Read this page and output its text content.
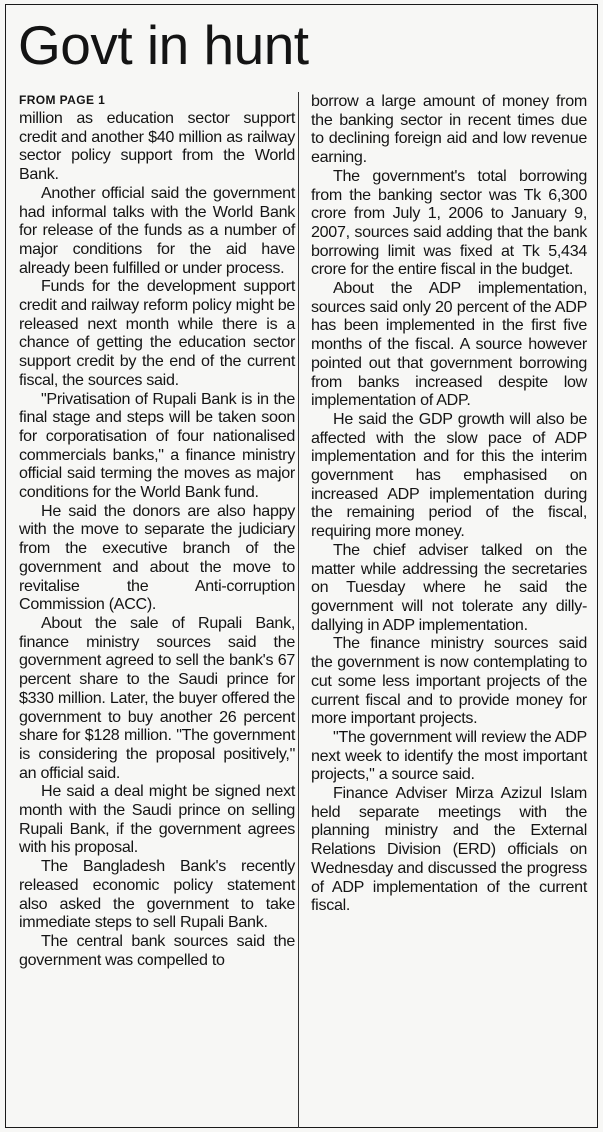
Govt in hunt
FROM PAGE 1

million as education sector support credit and another $40 million as railway sector policy support from the World Bank.

Another official said the government had informal talks with the World Bank for release of the funds as a number of major conditions for the aid have already been fulfilled or under process.

Funds for the development support credit and railway reform policy might be released next month while there is a chance of getting the education sector support credit by the end of the current fiscal, the sources said.

"Privatisation of Rupali Bank is in the final stage and steps will be taken soon for corporatisation of four nationalised commercials banks," a finance ministry official said terming the moves as major conditions for the World Bank fund.

He said the donors are also happy with the move to separate the judiciary from the executive branch of the government and about the move to revitalise the Anti-corruption Commission (ACC).

About the sale of Rupali Bank, finance ministry sources said the government agreed to sell the bank's 67 percent share to the Saudi prince for $330 million. Later, the buyer offered the government to buy another 26 percent share for $128 million. "The government is considering the proposal positively," an official said.

He said a deal might be signed next month with the Saudi prince on selling Rupali Bank, if the government agrees with his proposal.

The Bangladesh Bank's recently released economic policy statement also asked the government to take immediate steps to sell Rupali Bank.

The central bank sources said the government was compelled to

borrow a large amount of money from the banking sector in recent times due to declining foreign aid and low revenue earning.

The government's total borrowing from the banking sector was Tk 6,300 crore from July 1, 2006 to January 9, 2007, sources said adding that the bank borrowing limit was fixed at Tk 5,434 crore for the entire fiscal in the budget.

About the ADP implementation, sources said only 20 percent of the ADP has been implemented in the first five months of the fiscal. A source however pointed out that government borrowing from banks increased despite low implementation of ADP.

He said the GDP growth will also be affected with the slow pace of ADP implementation and for this the interim government has emphasised on increased ADP implementation during the remaining period of the fiscal, requiring more money.

The chief adviser talked on the matter while addressing the secretaries on Tuesday where he said the government will not tolerate any dilly-dallying in ADP implementation.

The finance ministry sources said the government is now contemplating to cut some less important projects of the current fiscal and to provide money for more important projects.

"The government will review the ADP next week to identify the most important projects," a source said.

Finance Adviser Mirza Azizul Islam held separate meetings with the planning ministry and the External Relations Division (ERD) officials on Wednesday and discussed the progress of ADP implementation of the current fiscal.
